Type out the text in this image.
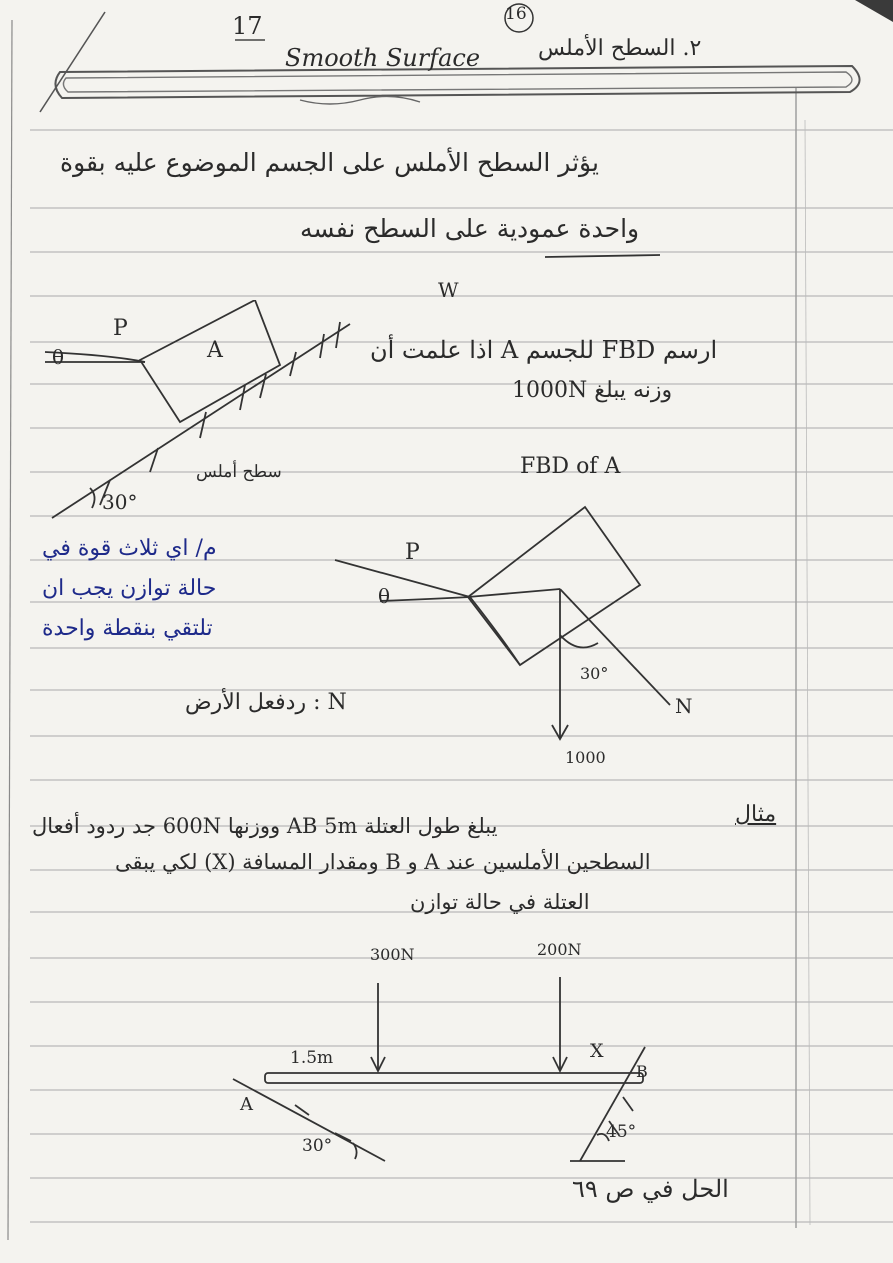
17	16
Smooth Surface	٢. السطح الأملس
يؤثر السطح الأملس على الجسم الموضوع عليه بقوة
واحدة عمودية على السطح نفسه
W
P
A
θ
سطح أملس
30°
ارسم FBD للجسم A اذا علمت أن
وزنه يبلغ 1000N
FBD of A
P
θ
30°
N
1000
م/ اي ثلاث قوة في
حالة توازن يجب ان
تلتقي بنقطة واحدة
N : ردفعل الأرض
مثال
يبلغ طول العتلة AB 5m ووزنها 600N جد ردود أفعال
السطحين الأملسين عند A و B ومقدار المسافة (X) لكي يبقى
العتلة في حالة توازن
300N	200N
1.5m	X
A
B
30°
45°
الحل في ص ٦٩
